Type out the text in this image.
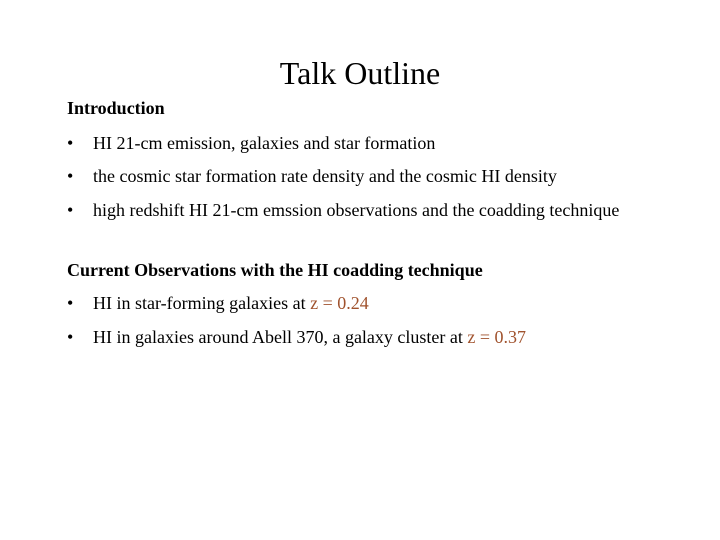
Talk Outline
Introduction
• HI 21-cm emission, galaxies and star formation
• the cosmic star formation rate density and the cosmic HI density
• high redshift HI 21-cm emssion observations and the coadding technique
Current Observations with the HI coadding technique
• HI in star-forming galaxies at z = 0.24
• HI in galaxies around Abell 370, a galaxy cluster at z = 0.37
